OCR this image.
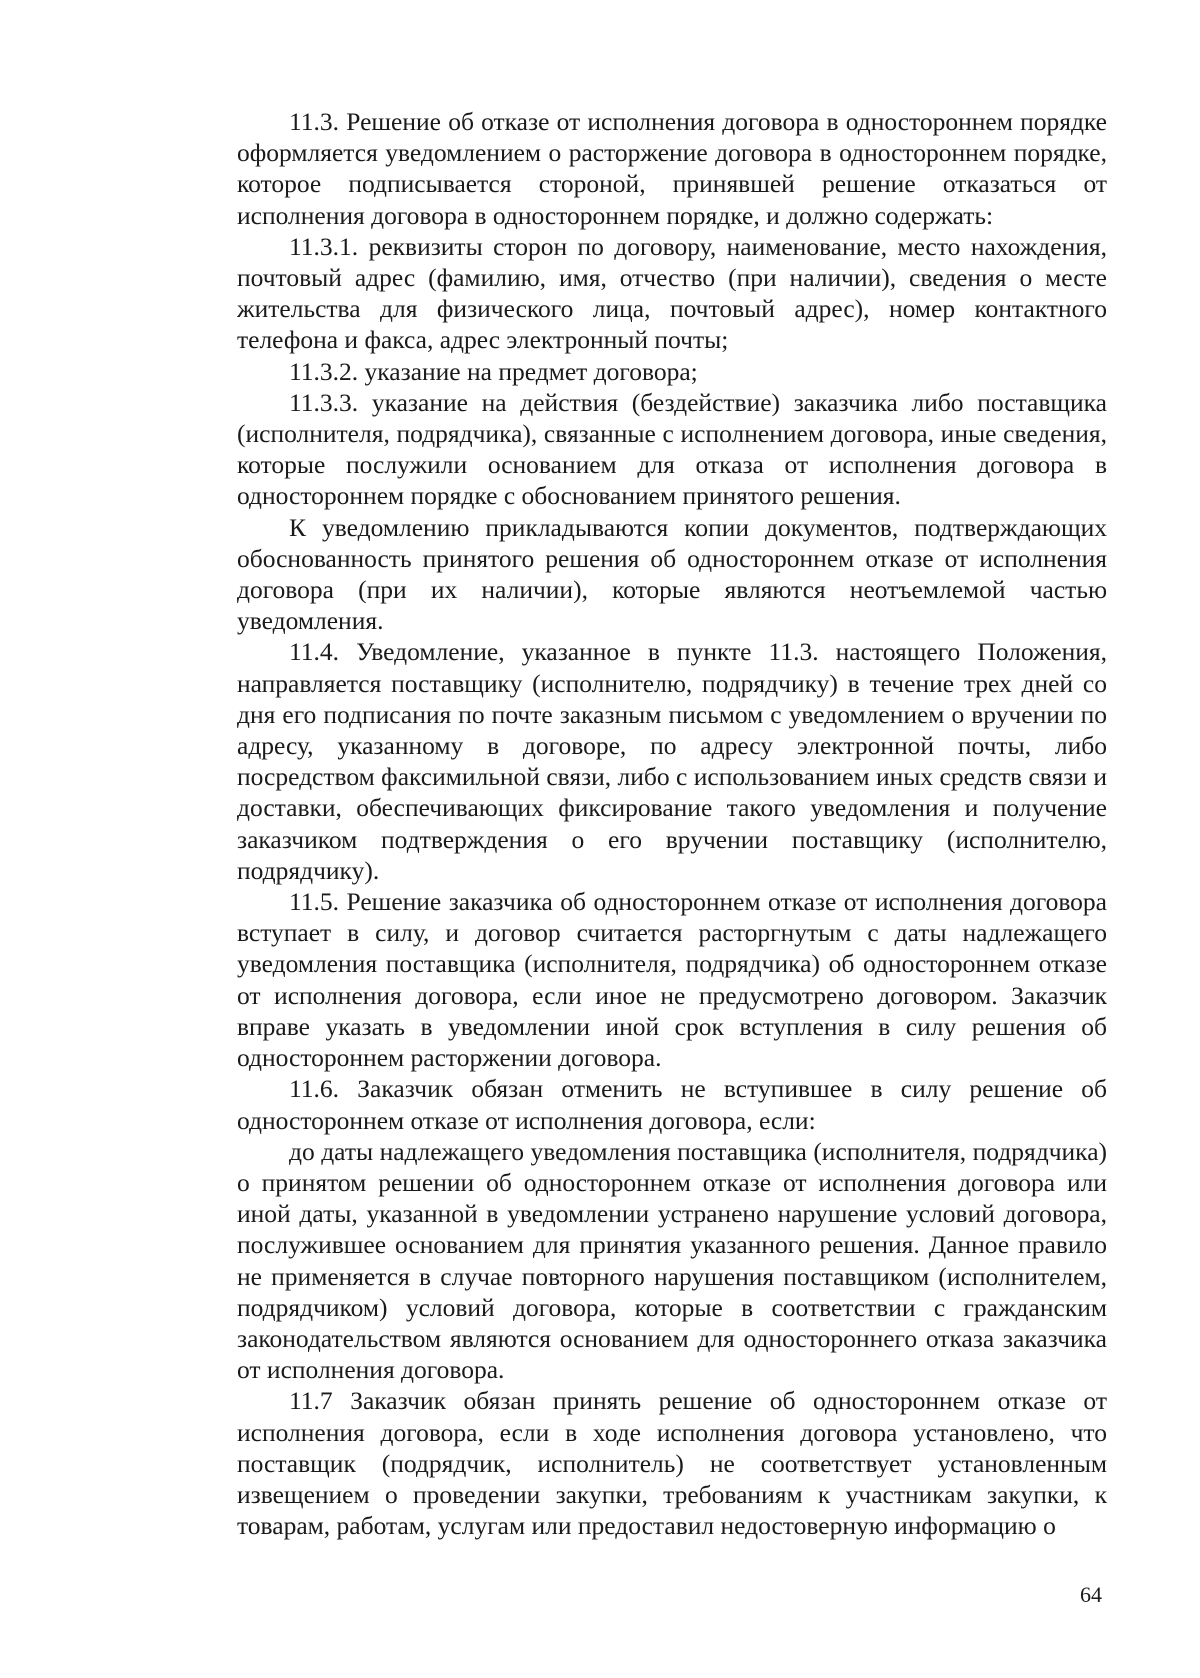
11.3. Решение об отказе от исполнения договора в одностороннем порядке оформляется уведомлением о расторжение договора в одностороннем порядке, которое подписывается стороной, принявшей решение отказаться от исполнения договора в одностороннем порядке, и должно содержать:

11.3.1. реквизиты сторон по договору, наименование, место нахождения, почтовый адрес (фамилию, имя, отчество (при наличии), сведения о месте жительства для физического лица, почтовый адрес), номер контактного телефона и факса, адрес электронный почты;

11.3.2. указание на предмет договора;

11.3.3. указание на действия (бездействие) заказчика либо поставщика (исполнителя, подрядчика), связанные с исполнением договора, иные сведения, которые послужили основанием для отказа от исполнения договора в одностороннем порядке с обоснованием принятого решения.

К уведомлению прикладываются копии документов, подтверждающих обоснованность принятого решения об одностороннем отказе от исполнения договора (при их наличии), которые являются неотъемлемой частью уведомления.

11.4. Уведомление, указанное в пункте 11.3. настоящего Положения, направляется поставщику (исполнителю, подрядчику) в течение трех дней со дня его подписания по почте заказным письмом с уведомлением о вручении по адресу, указанному в договоре, по адресу электронной почты, либо посредством факсимильной связи, либо с использованием иных средств связи и доставки, обеспечивающих фиксирование такого уведомления и получение заказчиком подтверждения о его вручении поставщику (исполнителю, подрядчику).

11.5. Решение заказчика об одностороннем отказе от исполнения договора вступает в силу, и договор считается расторгнутым с даты надлежащего уведомления поставщика (исполнителя, подрядчика) об одностороннем отказе от исполнения договора, если иное не предусмотрено договором. Заказчик вправе указать в уведомлении иной срок вступления в силу решения об одностороннем расторжении договора.

11.6. Заказчик обязан отменить не вступившее в силу решение об одностороннем отказе от исполнения договора, если:

до даты надлежащего уведомления поставщика (исполнителя, подрядчика) о принятом решении об одностороннем отказе от исполнения договора или иной даты, указанной в уведомлении устранено нарушение условий договора, послужившее основанием для принятия указанного решения. Данное правило не применяется в случае повторного нарушения поставщиком (исполнителем, подрядчиком) условий договора, которые в соответствии с гражданским законодательством являются основанием для одностороннего отказа заказчика от исполнения договора.

11.7 Заказчик обязан принять решение об одностороннем отказе от исполнения договора, если в ходе исполнения договора установлено, что поставщик (подрядчик, исполнитель) не соответствует установленным извещением о проведении закупки, требованиям к участникам закупки, к товарам, работам, услугам или предоставил недостоверную информацию о

64
